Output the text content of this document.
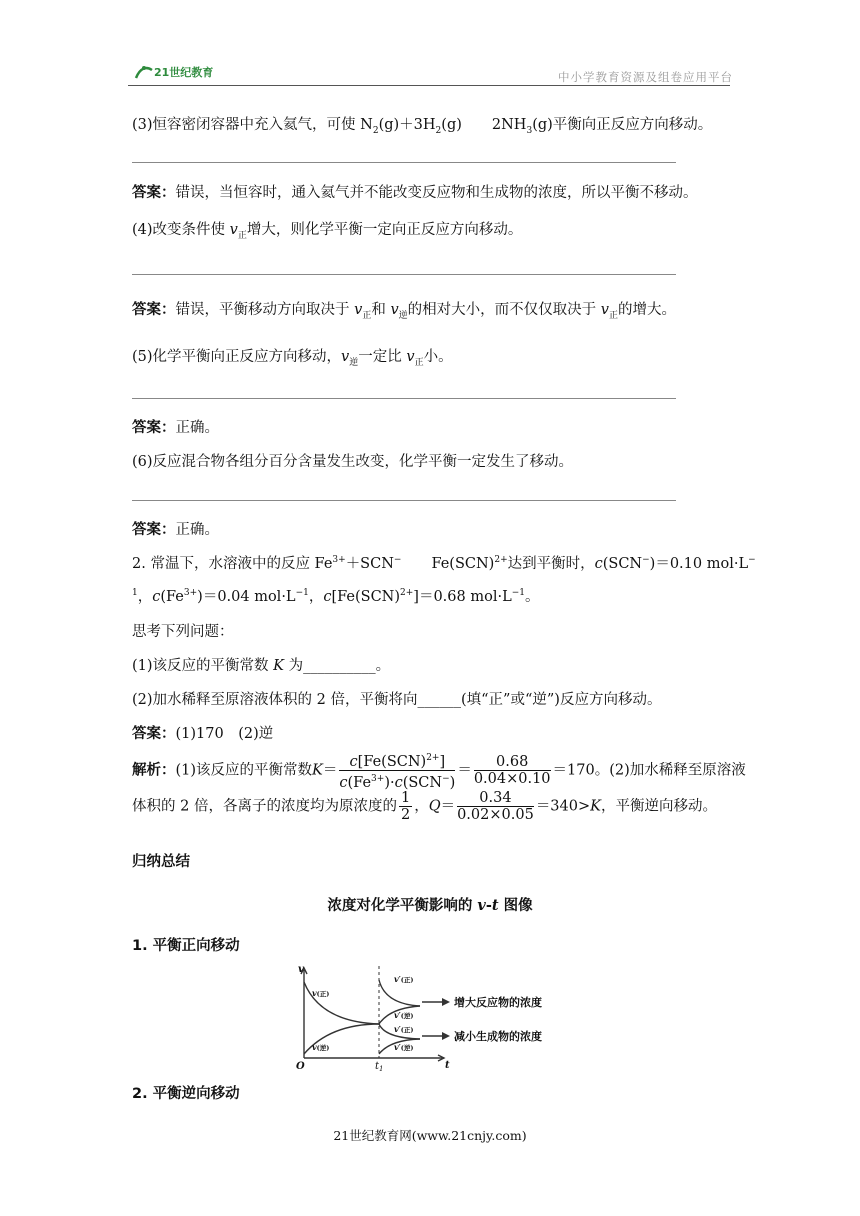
21世纪教育	中小学教育资源及组卷应用平台
(3)恒容密闭容器中充入氦气，可使 $N_2(g)+3H_2(g)$ $2NH_3(g)$平衡向正反应方向移动。
答案：错误，当恒容时，通入氦气并不能改变反应物和生成物的浓度，所以平衡不移动。
(4)改变条件使 $v_正$增大，则化学平衡一定向正反应方向移动。
答案：错误，平衡移动方向取决于 $v_正$和 $v_逆$的相对大小，而不仅仅取决于 $v_正$的增大。
(5)化学平衡向正反应方向移动，$v_逆$一定比 $v_正$小。
答案：正确。
(6)反应混合物各组分百分含量发生改变，化学平衡一定发生了移动。
答案：正确。
2. 常温下，水溶液中的反应 $Fe^{3+}+SCN^-$ Fe(SCN)$^{2+}$达到平衡时，c(SCN−)＝0.10 mol·L−
$^1$，$c(Fe^{3+})=0.04$ $mol\cdot L^{-1}$，c[Fe(SCN)$^{2+}$]＝0.68 $mol\cdot L^{-1}$。
思考下列问题：
(1)该反应的平衡常数 K 为__________。
(2)加水稀释至原溶液体积的 2 倍，平衡将向______(填“正”或“逆”)反应方向移动。
答案：(1)170　(2)逆
解析：(1)该反应的平衡常数$K= \frac{c[Fe(SCN)^{2+}]}{c(Fe^{3+})\cdot c(SCN^-)} = \frac{0.68}{0.04\times 0.10} =170$。(2)加水稀释至原溶液
体积的 2 倍，各离子的浓度均为原浓度的 $\frac{1}{2}$ ，$Q= \frac{0.34}{0.02\times 0.05} =340>K$，平衡逆向移动。
归纳总结
浓度对化学平衡影响的 v-t 图像
1. 平衡正向移动
v
t
O	$t_1$
v(正)
v(逆)
v′(正)
v′(逆)
v′(正)
v′(逆)
增大反应物的浓度
减小生成物的浓度
2. 平衡逆向移动
21世纪教育网(www.21cnjy.com)
